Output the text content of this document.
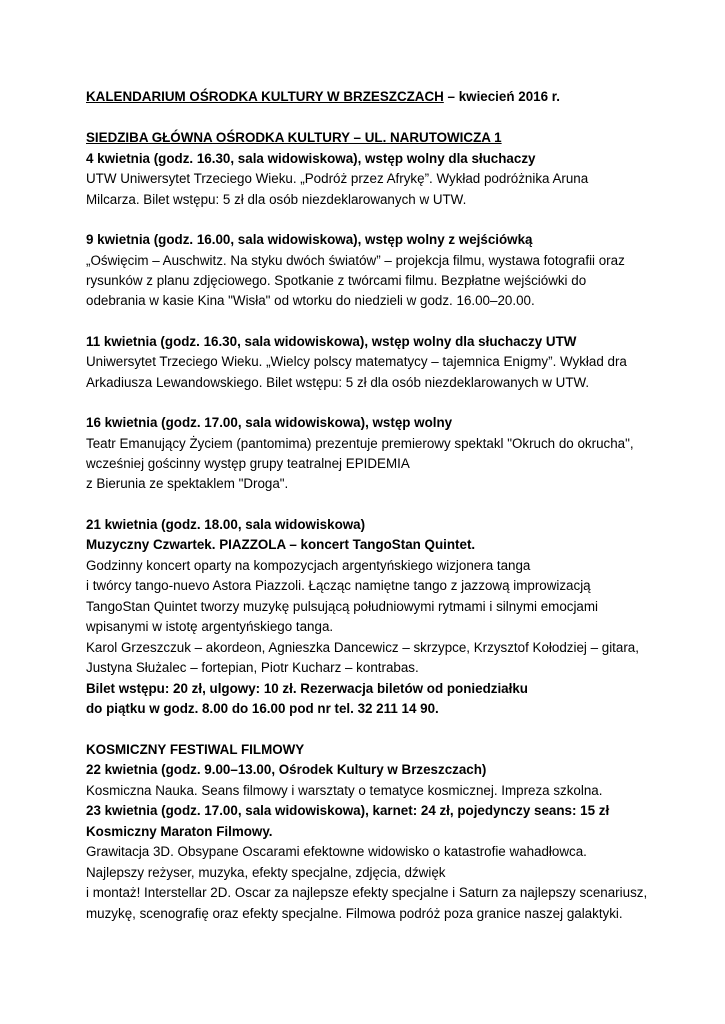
KALENDARIUM OŚRODKA KULTURY W BRZESZCZACH – kwiecień 2016 r.
SIEDZIBA GŁÓWNA OŚRODKA KULTURY – UL. NARUTOWICZA 1
4 kwietnia (godz. 16.30, sala widowiskowa), wstęp wolny dla słuchaczy
UTW Uniwersytet Trzeciego Wieku. „Podróż przez Afrykę”. Wykład podróżnika Aruna
Milcarza. Bilet wstępu: 5 zł dla osób niezdeklarowanych w UTW.
9 kwietnia (godz. 16.00, sala widowiskowa), wstęp wolny z wejściówką
„Oświęcim – Auschwitz. Na styku dwóch światów” – projekcja filmu, wystawa fotografii oraz
rysunków z planu zdjęciowego. Spotkanie z twórcami filmu. Bezpłatne wejściówki do
odebrania w kasie Kina "Wisła" od wtorku do niedzieli w godz. 16.00–20.00.
11 kwietnia (godz. 16.30, sala widowiskowa), wstęp wolny dla słuchaczy UTW
Uniwersytet Trzeciego Wieku. „Wielcy polscy matematycy – tajemnica Enigmy”. Wykład dra
Arkadiusza Lewandowskiego. Bilet wstępu: 5 zł dla osób niezdeklarowanych w UTW.
16 kwietnia (godz. 17.00, sala widowiskowa), wstęp wolny
Teatr Emanujący Życiem (pantomima) prezentuje premierowy spektakl "Okruch do okrucha",
wcześniej gościnny występ grupy teatralnej EPIDEMIA
z Bierunia ze spektaklem "Droga".
21 kwietnia (godz. 18.00, sala widowiskowa)
Muzyczny Czwartek. PIAZZOLA – koncert TangoStan Quintet.
Godzinny koncert oparty na kompozycjach argentyńskiego wizjonera tanga
i twórcy tango-nuevo Astora Piazzoli. Łącząc namiętne tango z jazzową improwizacją
TangoStan Quintet tworzy muzykę pulsującą południowymi rytmami i silnymi emocjami
wpisanymi w istotę argentyńskiego tanga.
Karol Grzeszczuk – akordeon, Agnieszka Dancewicz – skrzypce, Krzysztof Kołodziej – gitara,
Justyna Służalec – fortepian, Piotr Kucharz – kontrabas.
Bilet wstępu: 20 zł, ulgowy: 10 zł. Rezerwacja biletów od poniedziałku
do piątku w godz. 8.00 do 16.00 pod nr tel. 32 211 14 90.
KOSMICZNY FESTIWAL FILMOWY
22 kwietnia (godz. 9.00–13.00, Ośrodek Kultury w Brzeszczach)
Kosmiczna Nauka. Seans filmowy i warsztaty o tematyce kosmicznej. Impreza szkolna.
23 kwietnia (godz. 17.00, sala widowiskowa), karnet: 24 zł, pojedynczy seans: 15 zł
Kosmiczny Maraton Filmowy.
Grawitacja 3D. Obsypane Oscarami efektowne widowisko o katastrofie wahadłowca.
Najlepszy reżyser, muzyka, efekty specjalne, zdjęcia, dźwięk
i montaż! Interstellar 2D. Oscar za najlepsze efekty specjalne i Saturn za najlepszy scenariusz,
muzykę, scenografię oraz efekty specjalne. Filmowa podróż poza granice naszej galaktyki.
